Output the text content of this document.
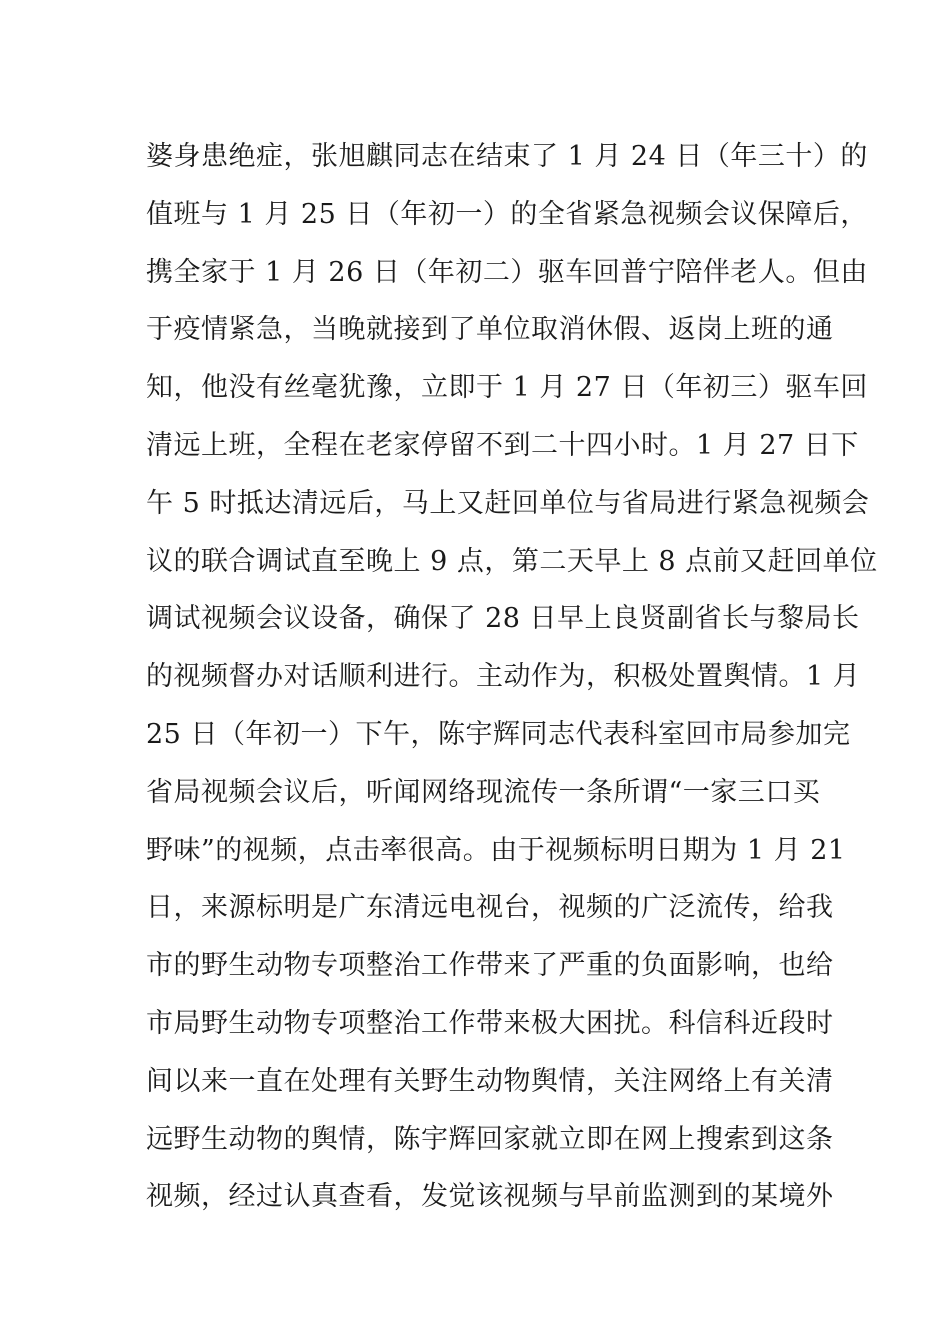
婆身患绝症，张旭麒同志在结束了 1 月 24 日（年三十）的
值班与 1 月 25 日（年初一）的全省紧急视频会议保障后，
携全家于 1 月 26 日（年初二）驱车回普宁陪伴老人。但由
于疫情紧急，当晚就接到了单位取消休假、返岗上班的通
知，他没有丝毫犹豫，立即于 1 月 27 日（年初三）驱车回
清远上班，全程在老家停留不到二十四小时。1 月 27 日下
午 5 时抵达清远后，马上又赶回单位与省局进行紧急视频会
议的联合调试直至晚上 9 点，第二天早上 8 点前又赶回单位
调试视频会议设备，确保了 28 日早上良贤副省长与黎局长
的视频督办对话顺利进行。主动作为，积极处置舆情。1 月
25 日（年初一）下午，陈宇辉同志代表科室回市局参加完
省局视频会议后，听闻网络现流传一条所谓“一家三口买
野味”的视频，点击率很高。由于视频标明日期为 1 月 21
日，来源标明是广东清远电视台，视频的广泛流传，给我
市的野生动物专项整治工作带来了严重的负面影响，也给
市局野生动物专项整治工作带来极大困扰。科信科近段时
间以来一直在处理有关野生动物舆情，关注网络上有关清
远野生动物的舆情，陈宇辉回家就立即在网上搜索到这条
视频，经过认真查看，发觉该视频与早前监测到的某境外
